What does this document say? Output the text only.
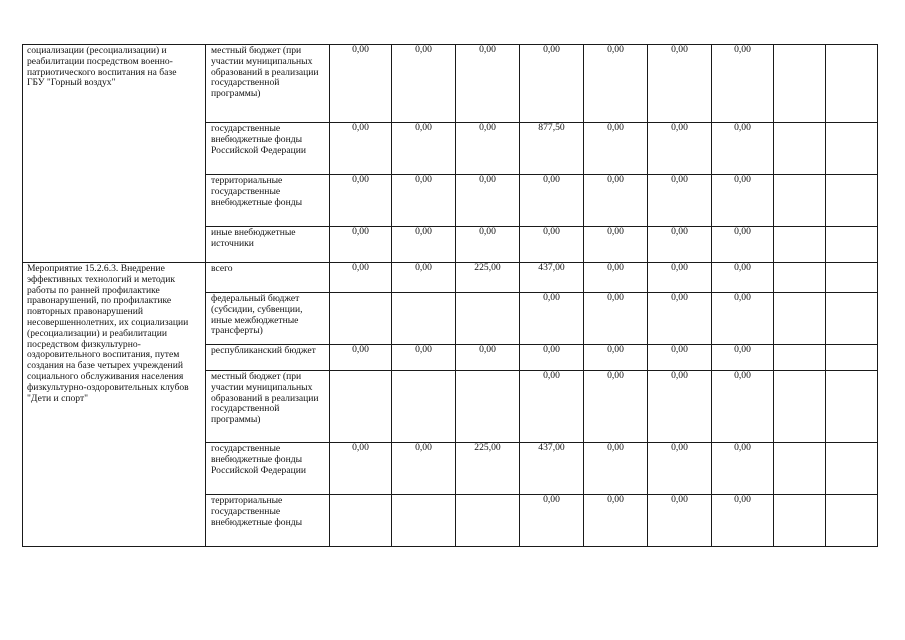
социализации (ресоциализации) и реабилитации посредством военно-патриотического воспитания на базе ГБУ "Горный воздух"	местный бюджет (при участии муниципальных образований в реализации государственной программы)	0,00	0,00	0,00	0,00	0,00	0,00	0,00		
	государственные внебюджетные фонды Российской Федерации	0,00	0,00	0,00	877,50	0,00	0,00	0,00		
	территориальные государственные внебюджетные фонды	0,00	0,00	0,00	0,00	0,00	0,00	0,00		
	иные внебюджетные источники	0,00	0,00	0,00	0,00	0,00	0,00	0,00		
Мероприятие 15.2.6.3. Внедрение эффективных технологий и методик работы по ранней профилактике правонарушений, по профилактике повторных правонарушений несовершеннолетних, их социализации (ресоциализации) и реабилитации посредством физкультурно-оздоровительного воспитания, путем создания на базе четырех учреждений социального обслуживания населения физкультурно-оздоровительных клубов "Дети и спорт"	всего	0,00	0,00	225,00	437,00	0,00	0,00	0,00		
	федеральный бюджет (субсидии, субвенции, иные межбюджетные трансферты)				0,00	0,00	0,00	0,00		
	республиканский бюджет	0,00	0,00	0,00	0,00	0,00	0,00	0,00		
	местный бюджет (при участии муниципальных образований в реализации государственной программы)				0,00	0,00	0,00	0,00		
	государственные внебюджетные фонды Российской Федерации	0,00	0,00	225,00	437,00	0,00	0,00	0,00		
	территориальные государственные внебюджетные фонды				0,00	0,00	0,00	0,00		
